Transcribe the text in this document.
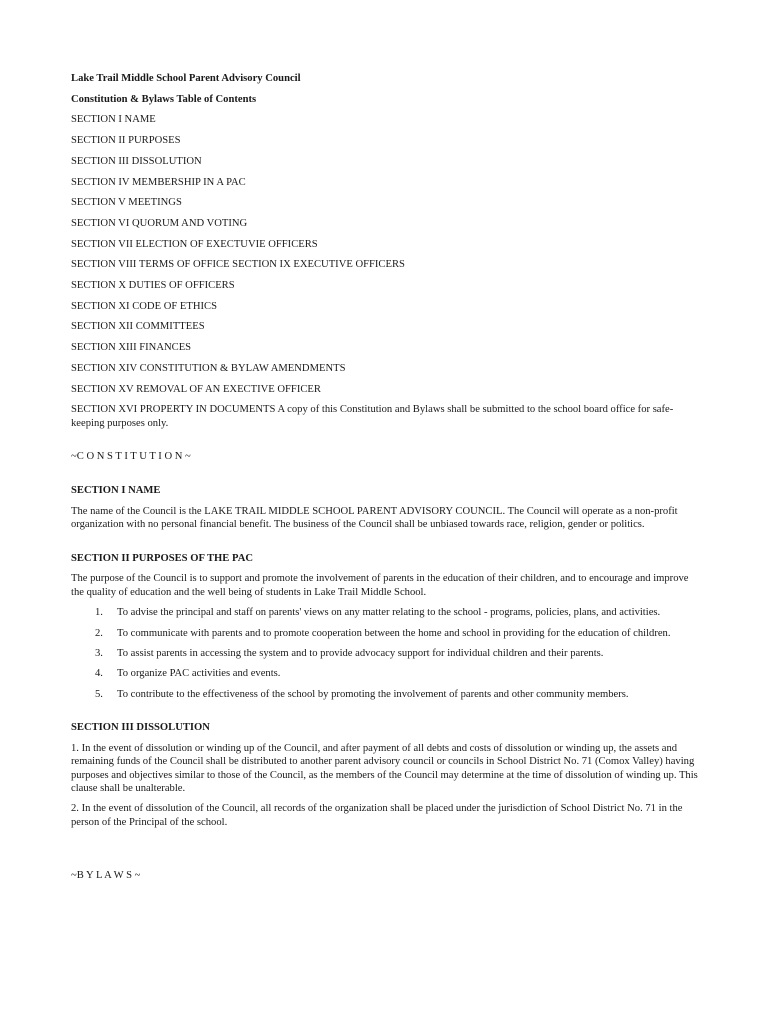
Lake Trail Middle School Parent Advisory Council
Constitution & Bylaws Table of Contents
SECTION I NAME
SECTION II PURPOSES
SECTION III DISSOLUTION
SECTION IV MEMBERSHIP IN A PAC
SECTION V MEETINGS
SECTION VI QUORUM AND VOTING
SECTION VII ELECTION OF EXECTUVIE OFFICERS
SECTION VIII TERMS OF OFFICE SECTION IX EXECUTIVE OFFICERS
SECTION X DUTIES OF OFFICERS
SECTION XI CODE OF ETHICS
SECTION XII COMMITTEES
SECTION XIII FINANCES
SECTION XIV CONSTITUTION & BYLAW AMENDMENTS
SECTION XV REMOVAL OF AN EXECTIVE OFFICER
SECTION XVI PROPERTY IN DOCUMENTS A copy of this Constitution and Bylaws shall be submitted to the school board office for safe-keeping purposes only.
~C O N S T I T U T I O N ~
SECTION I NAME
The name of the Council is the LAKE TRAIL MIDDLE SCHOOL PARENT ADVISORY COUNCIL. The Council will operate as a non-profit organization with no personal financial benefit. The business of the Council shall be unbiased towards race, religion, gender or politics.
SECTION II PURPOSES OF THE PAC
The purpose of the Council is to support and promote the involvement of parents in the education of their children, and to encourage and improve the quality of education and the well being of students in Lake Trail Middle School.
1.	To advise the principal and staff on parents' views on any matter relating to the school - programs, policies, plans, and activities.
2.	To communicate with parents and to promote cooperation between the home and school in providing for the education of children.
3.	To assist parents in accessing the system and to provide advocacy support for individual children and their parents.
4.	To organize PAC activities and events.
5.	To contribute to the effectiveness of the school by promoting the involvement of parents and other community members.
SECTION III DISSOLUTION
1. In the event of dissolution or winding up of the Council, and after payment of all debts and costs of dissolution or winding up, the assets and remaining funds of the Council shall be distributed to another parent advisory council or councils in School District No. 71 (Comox Valley) having purposes and objectives similar to those of the Council, as the members of the Council may determine at the time of dissolution of winding up. This clause shall be unalterable.
2. In the event of dissolution of the Council, all records of the organization shall be placed under the jurisdiction of School District No. 71 in the person of the Principal of the school.
~B Y L A W S ~
